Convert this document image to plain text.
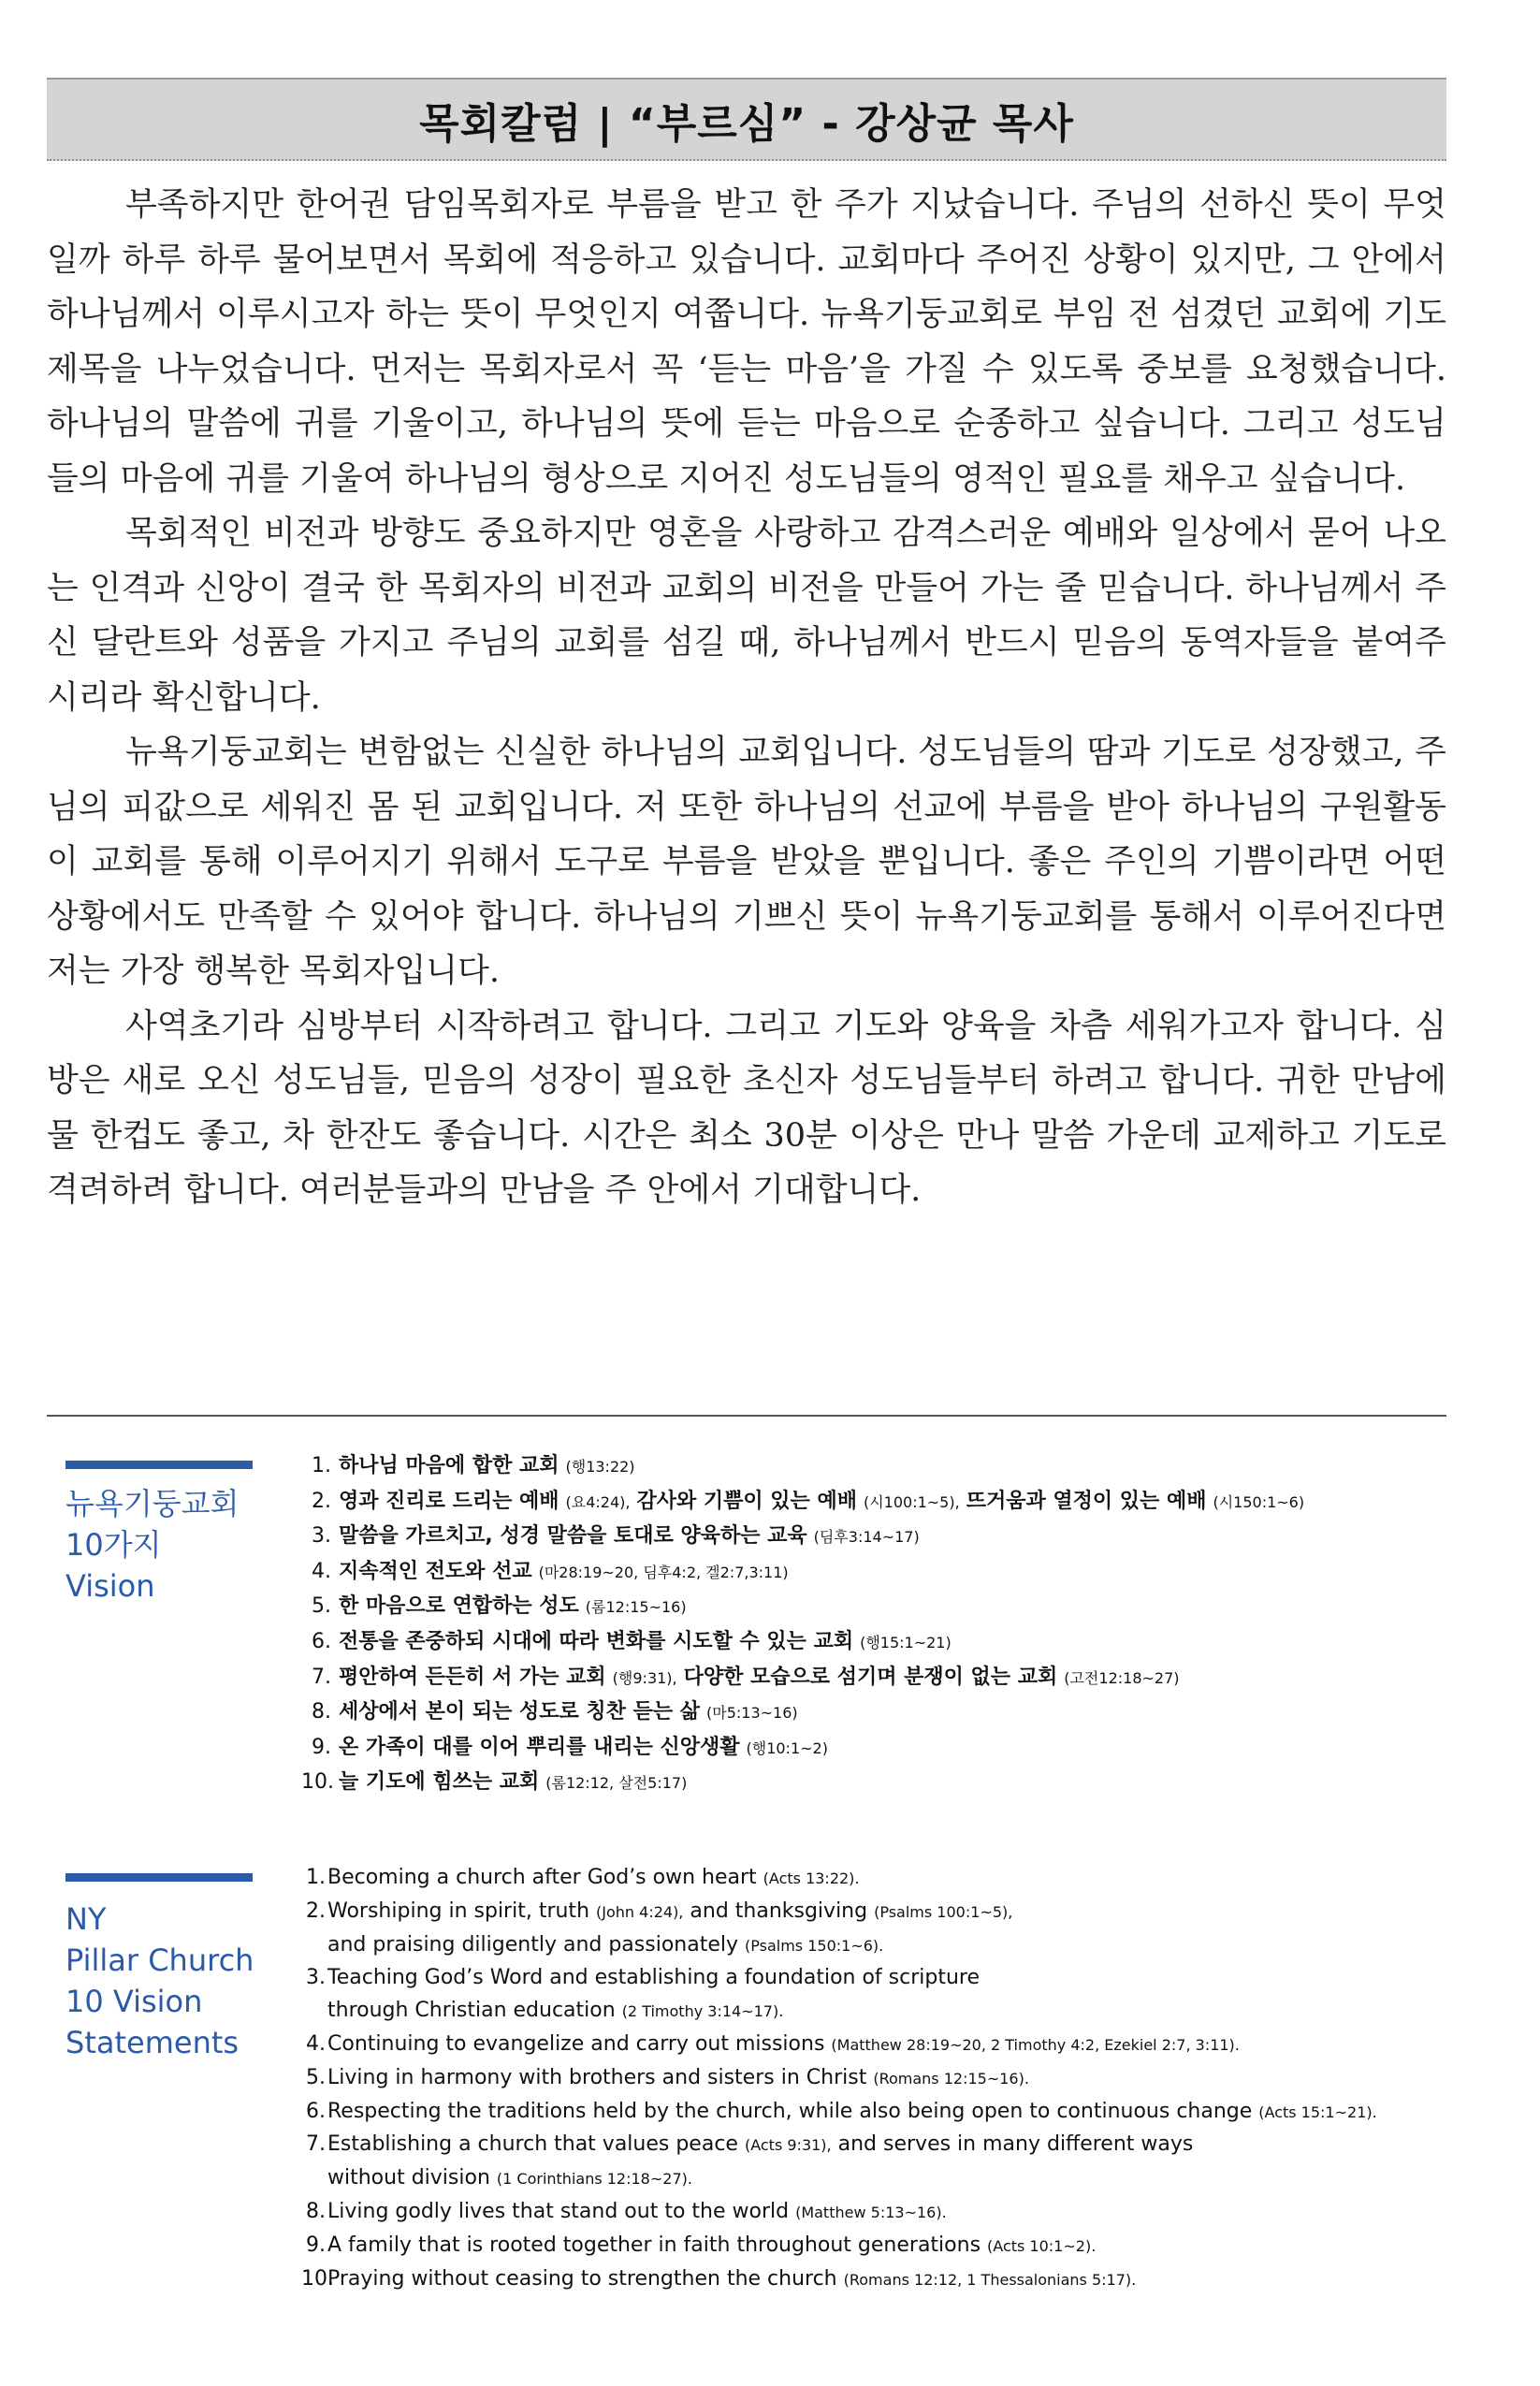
목회칼럼 | “부르심” - 강상균 목사

부족하지만 한어권 담임목회자로 부름을 받고 한 주가 지났습니다. 주님의 선하신 뜻이 무엇일까 하루 하루 물어보면서 목회에 적응하고 있습니다. 교회마다 주어진 상황이 있지만, 그 안에서 하나님께서 이루시고자 하는 뜻이 무엇인지 여쭙니다. 뉴욕기둥교회로 부임 전 섬겼던 교회에 기도제목을 나누었습니다. 먼저는 목회자로서 꼭 ‘듣는 마음’을 가질 수 있도록 중보를 요청했습니다. 하나님의 말씀에 귀를 기울이고, 하나님의 뜻에 듣는 마음으로 순종하고 싶습니다. 그리고 성도님들의 마음에 귀를 기울여 하나님의 형상으로 지어진 성도님들의 영적인 필요를 채우고 싶습니다.

목회적인 비전과 방향도 중요하지만 영혼을 사랑하고 감격스러운 예배와 일상에서 묻어 나오는 인격과 신앙이 결국 한 목회자의 비전과 교회의 비전을 만들어 가는 줄 믿습니다. 하나님께서 주신 달란트와 성품을 가지고 주님의 교회를 섬길 때, 하나님께서 반드시 믿음의 동역자들을 붙여주시리라 확신합니다.

뉴욕기둥교회는 변함없는 신실한 하나님의 교회입니다. 성도님들의 땀과 기도로 성장했고, 주님의 피값으로 세워진 몸 된 교회입니다. 저 또한 하나님의 선교에 부름을 받아 하나님의 구원활동이 교회를 통해 이루어지기 위해서 도구로 부름을 받았을 뿐입니다. 좋은 주인의 기쁨이라면 어떤 상황에서도 만족할 수 있어야 합니다. 하나님의 기쁘신 뜻이 뉴욕기둥교회를 통해서 이루어진다면 저는 가장 행복한 목회자입니다.

사역초기라 심방부터 시작하려고 합니다. 그리고 기도와 양육을 차츰 세워가고자 합니다. 심방은 새로 오신 성도님들, 믿음의 성장이 필요한 초신자 성도님들부터 하려고 합니다. 귀한 만남에 물 한컵도 좋고, 차 한잔도 좋습니다. 시간은 최소 30분 이상은 만나 말씀 가운데 교제하고 기도로 격려하려 합니다. 여러분들과의 만남을 주 안에서 기대합니다.

뉴욕기둥교회
10가지
Vision
1. 하나님 마음에 합한 교회 (행13:22)
2. 영과 진리로 드리는 예배 (요4:24), 감사와 기쁨이 있는 예배 (시100:1~5), 뜨거움과 열정이 있는 예배 (시150:1~6)
3. 말씀을 가르치고, 성경 말씀을 토대로 양육하는 교육 (딤후3:14~17)
4. 지속적인 전도와 선교 (마28:19~20, 딤후4:2, 겔2:7,3:11)
5. 한 마음으로 연합하는 성도 (롬12:15~16)
6. 전통을 존중하되 시대에 따라 변화를 시도할 수 있는 교회 (행15:1~21)
7. 평안하여 든든히 서 가는 교회 (행9:31), 다양한 모습으로 섬기며 분쟁이 없는 교회 (고전12:18~27)
8. 세상에서 본이 되는 성도로 칭찬 듣는 삶 (마5:13~16)
9. 온 가족이 대를 이어 뿌리를 내리는 신앙생활 (행10:1~2)
10. 늘 기도에 힘쓰는 교회 (롬12:12, 살전5:17)
NY
Pillar Church
10 Vision
Statements
1.Becoming a church after God’s own heart (Acts 13:22).
2.Worshiping in spirit, truth (John 4:24), and thanksgiving (Psalms 100:1~5),
and praising diligently and passionately (Psalms 150:1~6).
3.Teaching God’s Word and establishing a foundation of scripture
through Christian education (2 Timothy 3:14~17).
4.Continuing to evangelize and carry out missions (Matthew 28:19~20, 2 Timothy 4:2, Ezekiel 2:7, 3:11).
5.Living in harmony with brothers and sisters in Christ (Romans 12:15~16).
6.Respecting the traditions held by the church, while also being open to continuous change (Acts 15:1~21).
7.Establishing a church that values peace (Acts 9:31), and serves in many different ways
without division (1 Corinthians 12:18~27).
8.Living godly lives that stand out to the world (Matthew 5:13~16).
9.A family that is rooted together in faith throughout generations (Acts 10:1~2).
10.Praying without ceasing to strengthen the church (Romans 12:12, 1 Thessalonians 5:17).
